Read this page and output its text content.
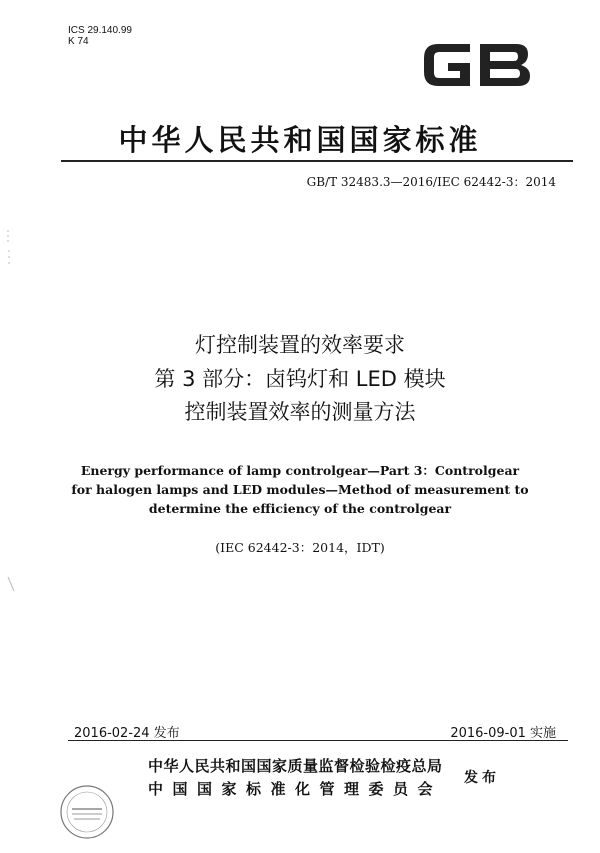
ICS 29.140.99
K 74
中华人民共和国国家标准
GB/T 32483.3—2016/IEC 62442-3：2014
灯控制装置的效率要求
第 3 部分：卤钨灯和 LED 模块
控制装置效率的测量方法
Energy performance of lamp controlgear—Part 3：Controlgear for halogen lamps and LED modules—Method of measurement to determine the efficiency of the controlgear
(IEC 62442-3：2014，IDT)
2016-02-24 发布	2016-09-01 实施
中华人民共和国国家质量监督检验检疫总局
中国国家标准化管理委员会
发布
